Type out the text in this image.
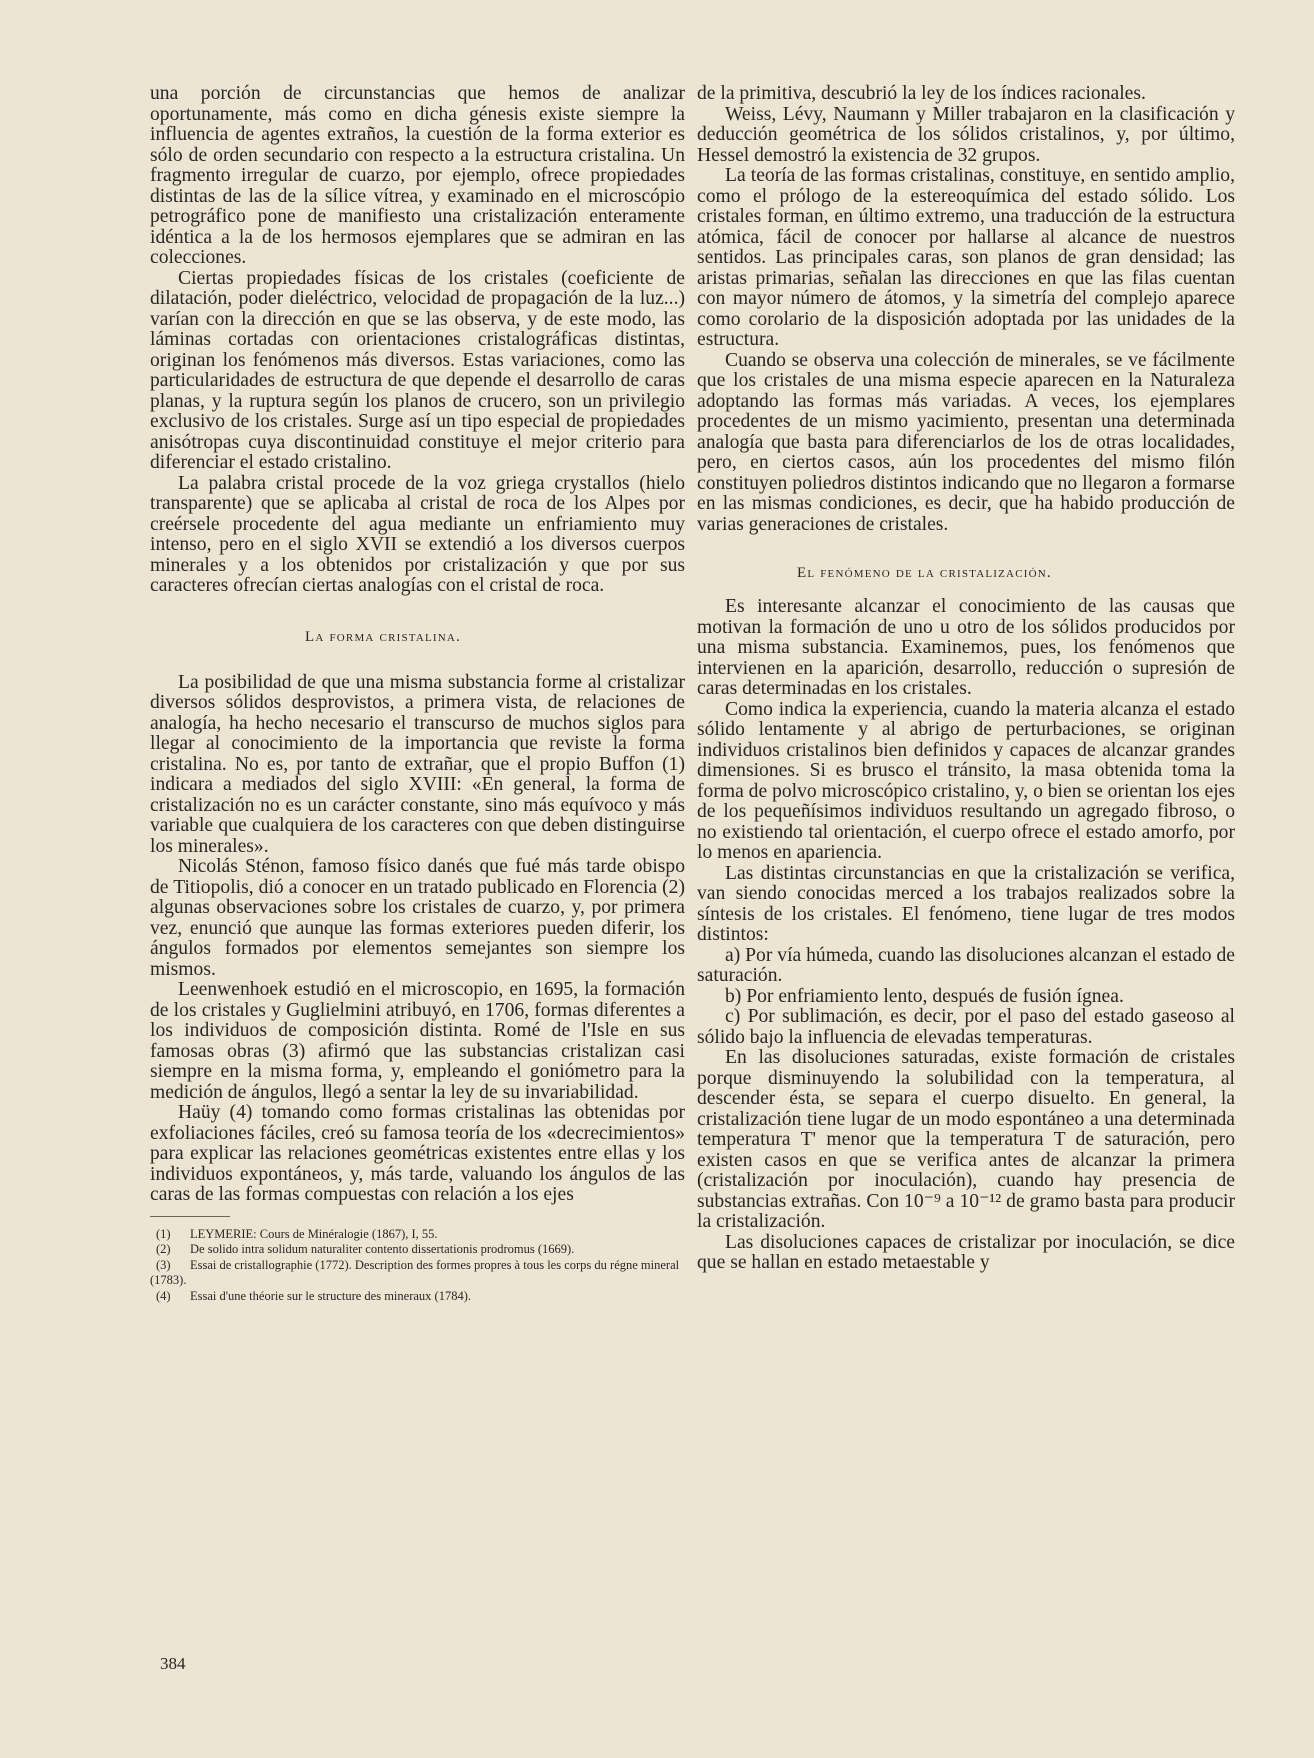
una porción de circunstancias que hemos de analizar oportunamente, más como en dicha génesis existe siempre la influencia de agentes extraños, la cuestión de la forma exterior es sólo de orden secundario con respecto a la estructura cristalina. Un fragmento irregular de cuarzo, por ejemplo, ofrece propiedades distintas de las de la sílice vítrea, y examinado en el microscópio petrográfico pone de manifiesto una cristalización enteramente idéntica a la de los hermosos ejemplares que se admiran en las colecciones.

Ciertas propiedades físicas de los cristales (coeficiente de dilatación, poder dieléctrico, velocidad de propagación de la luz...) varían con la dirección en que se las observa, y de este modo, las láminas cortadas con orientaciones cristalográficas distintas, originan los fenómenos más diversos. Estas variaciones, como las particularidades de estructura de que depende el desarrollo de caras planas, y la ruptura según los planos de crucero, son un privilegio exclusivo de los cristales. Surge así un tipo especial de propiedades anisótropas cuya discontinuidad constituye el mejor criterio para diferenciar el estado cristalino.

La palabra cristal procede de la voz griega crystallos (hielo transparente) que se aplicaba al cristal de roca de los Alpes por creérsele procedente del agua mediante un enfriamiento muy intenso, pero en el siglo XVII se extendió a los diversos cuerpos minerales y a los obtenidos por cristalización y que por sus caracteres ofrecían ciertas analogías con el cristal de roca.

La forma cristalina.

La posibilidad de que una misma substancia forme al cristalizar diversos sólidos desprovistos, a primera vista, de relaciones de analogía, ha hecho necesario el transcurso de muchos siglos para llegar al conocimiento de la importancia que reviste la forma cristalina. No es, por tanto de extrañar, que el propio Buffon (1) indicara a mediados del siglo XVIII: «En general, la forma de cristalización no es un carácter constante, sino más equívoco y más variable que cualquiera de los caracteres con que deben distinguirse los minerales».

Nicolás Sténon, famoso físico danés que fué más tarde obispo de Titiopolis, dió a conocer en un tratado publicado en Florencia (2) algunas observaciones sobre los cristales de cuarzo, y, por primera vez, enunció que aunque las formas exteriores pueden diferir, los ángulos formados por elementos semejantes son siempre los mismos.

Leenwenhoek estudió en el microscopio, en 1695, la formación de los cristales y Guglielmini atribuyó, en 1706, formas diferentes a los individuos de composición distinta. Romé de l'Isle en sus famosas obras (3) afirmó que las substancias cristalizan casi siempre en la misma forma, y, empleando el goniómetro para la medición de ángulos, llegó a sentar la ley de su invariabilidad.

Haüy (4) tomando como formas cristalinas las obtenidas por exfoliaciones fáciles, creó su famosa teoría de los «decrecimientos» para explicar las relaciones geométricas existentes entre ellas y los individuos expontáneos, y, más tarde, valuando los ángulos de las caras de las formas compuestas con relación a los ejes

(1) LEYMERIE: Cours de Minéralogie (1867), I, 55.
(2) De solido intra solidum naturaliter contento dissertationis prodromus (1669).
(3) Essai de cristallographie (1772). Description des formes propres à tous les corps du régne mineral (1783).
(4) Essai d'une théorie sur le structure des mineraux (1784).

de la primitiva, descubrió la ley de los índices racionales.

Weiss, Lévy, Naumann y Miller trabajaron en la clasificación y deducción geométrica de los sólidos cristalinos, y, por último, Hessel demostró la existencia de 32 grupos.

La teoría de las formas cristalinas, constituye, en sentido amplio, como el prólogo de la estereoquímica del estado sólido. Los cristales forman, en último extremo, una traducción de la estructura atómica, fácil de conocer por hallarse al alcance de nuestros sentidos. Las principales caras, son planos de gran densidad; las aristas primarias, señalan las direcciones en que las filas cuentan con mayor número de átomos, y la simetría del complejo aparece como corolario de la disposición adoptada por las unidades de la estructura.

Cuando se observa una colección de minerales, se ve fácilmente que los cristales de una misma especie aparecen en la Naturaleza adoptando las formas más variadas. A veces, los ejemplares procedentes de un mismo yacimiento, presentan una determinada analogía que basta para diferenciarlos de los de otras localidades, pero, en ciertos casos, aún los procedentes del mismo filón constituyen poliedros distintos indicando que no llegaron a formarse en las mismas condiciones, es decir, que ha habido producción de varias generaciones de cristales.

El fenómeno de la cristalización.

Es interesante alcanzar el conocimiento de las causas que motivan la formación de uno u otro de los sólidos producidos por una misma substancia. Examinemos, pues, los fenómenos que intervienen en la aparición, desarrollo, reducción o supresión de caras determinadas en los cristales.

Como indica la experiencia, cuando la materia alcanza el estado sólido lentamente y al abrigo de perturbaciones, se originan individuos cristalinos bien definidos y capaces de alcanzar grandes dimensiones. Si es brusco el tránsito, la masa obtenida toma la forma de polvo microscópico cristalino, y, o bien se orientan los ejes de los pequeñísimos individuos resultando un agregado fibroso, o no existiendo tal orientación, el cuerpo ofrece el estado amorfo, por lo menos en apariencia.

Las distintas circunstancias en que la cristalización se verifica, van siendo conocidas merced a los trabajos realizados sobre la síntesis de los cristales. El fenómeno, tiene lugar de tres modos distintos:

a) Por vía húmeda, cuando las disoluciones alcanzan el estado de saturación.

b) Por enfriamiento lento, después de fusión ígnea.

c) Por sublimación, es decir, por el paso del estado gaseoso al sólido bajo la influencia de elevadas temperaturas.

En las disoluciones saturadas, existe formación de cristales porque disminuyendo la solubilidad con la temperatura, al descender ésta, se separa el cuerpo disuelto. En general, la cristalización tiene lugar de un modo espontáneo a una determinada temperatura T' menor que la temperatura T de saturación, pero existen casos en que se verifica antes de alcanzar la primera (cristalización por inoculación), cuando hay presencia de substancias extrañas. Con 10⁻⁹ a 10⁻¹² de gramo basta para producir la cristalización.

Las disoluciones capaces de cristalizar por inoculación, se dice que se hallan en estado metaestable y

384
